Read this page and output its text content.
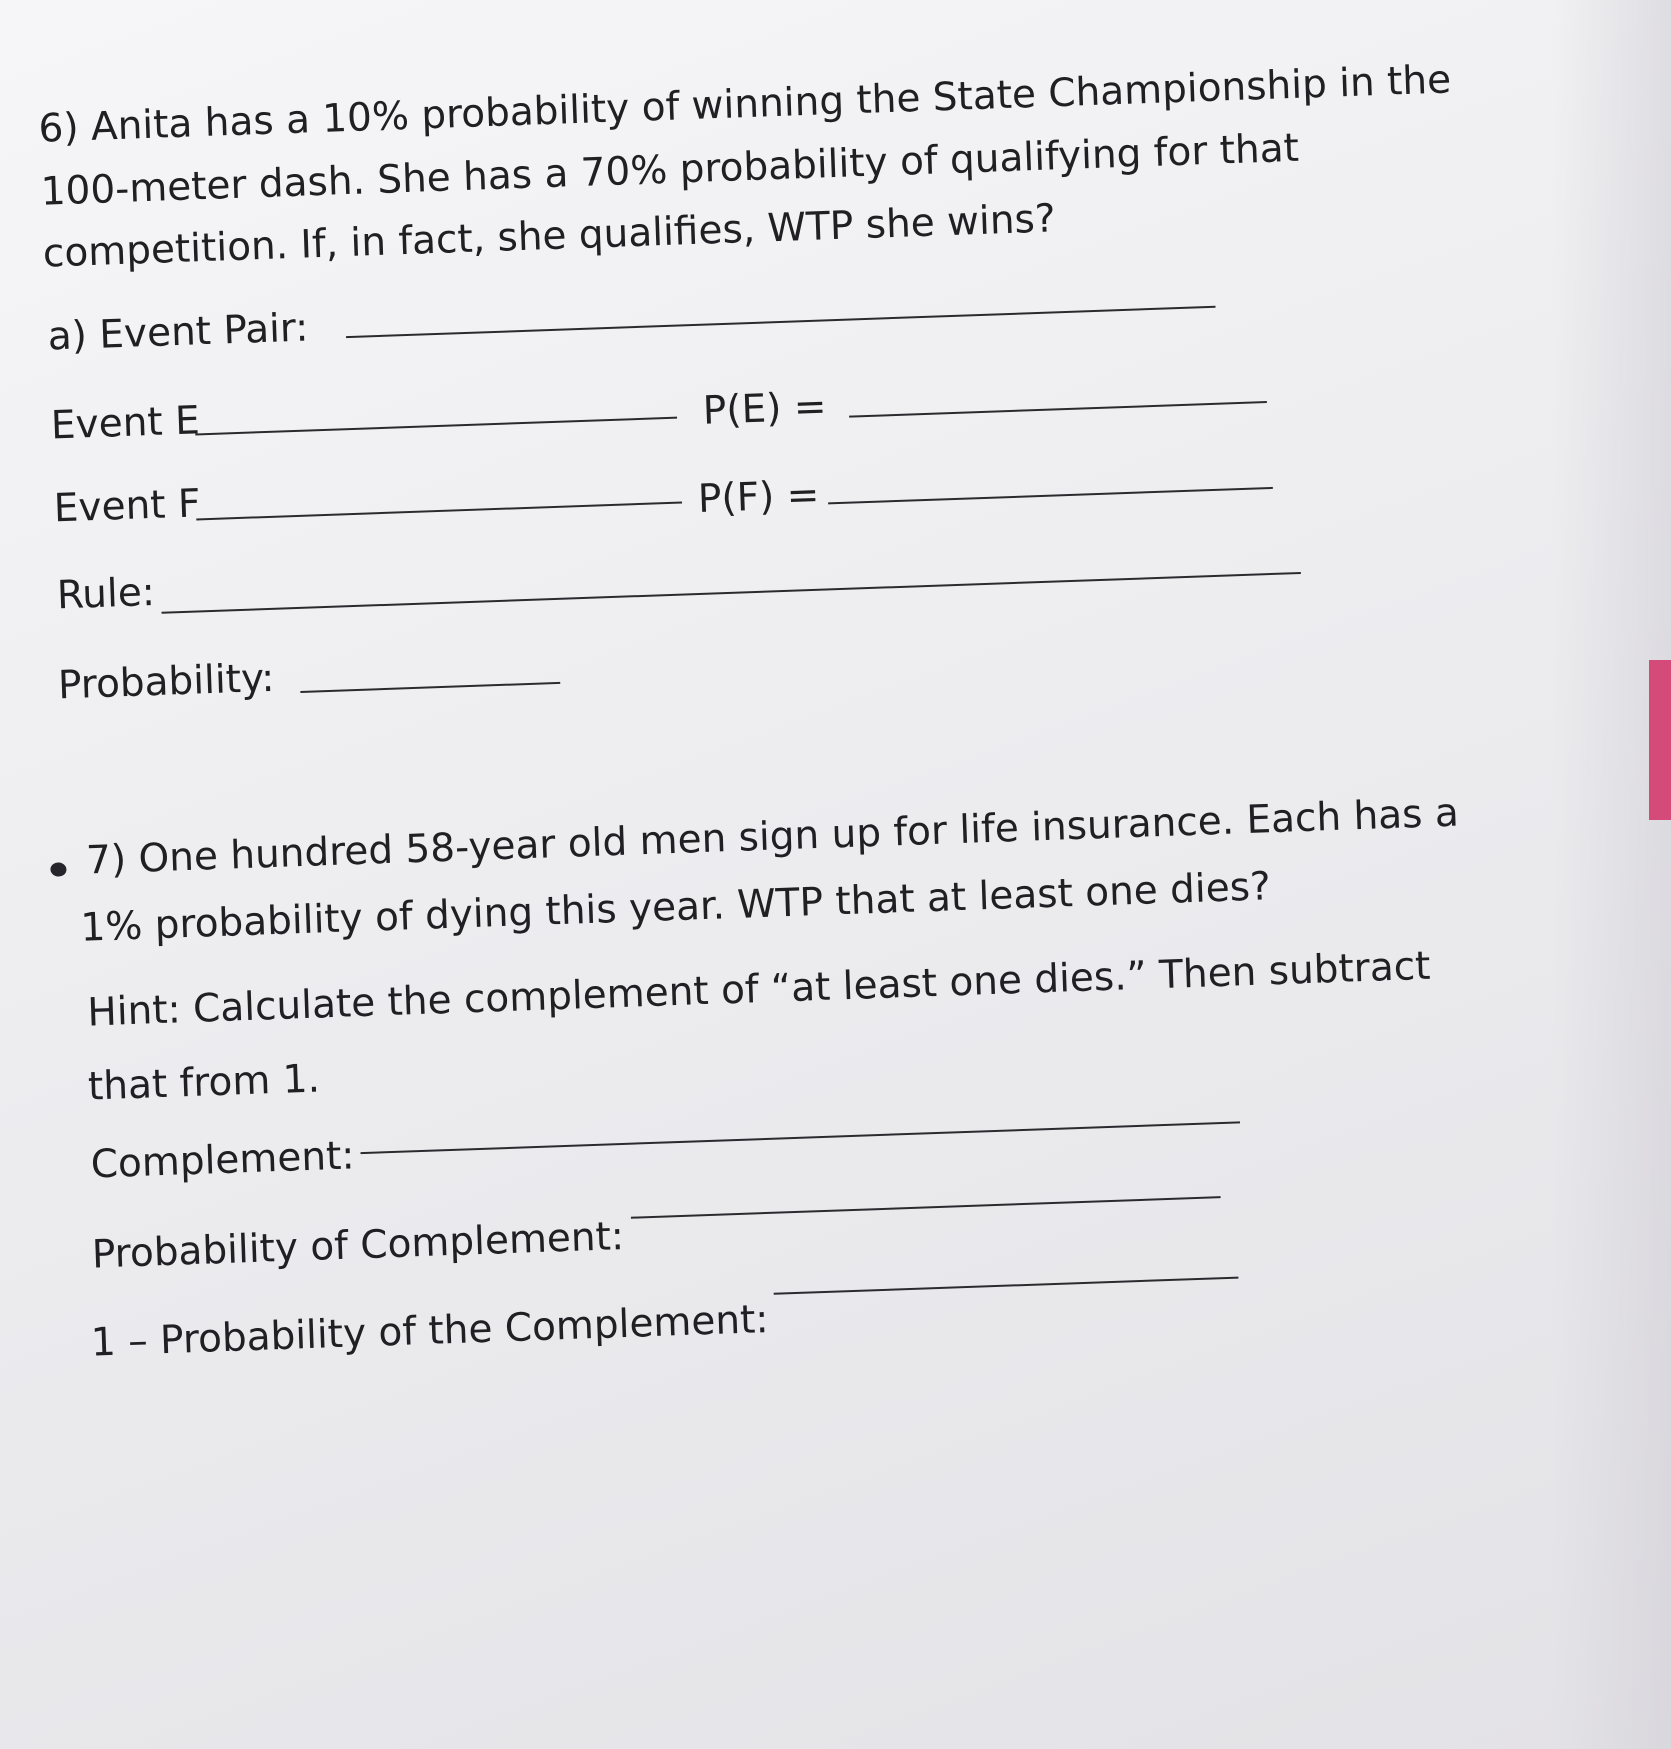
6) Anita has a 10% probability of winning the State Championship in the
100-meter dash. She has a 70% probability of qualifying for that
competition. If, in fact, she qualifies, WTP she wins?
a) Event Pair:
Event E	P(E) =
Event F	P(F) =
Rule:
Probability:
7) One hundred 58-year old men sign up for life insurance. Each has a
1% probability of dying this year. WTP that at least one dies?
Hint: Calculate the complement of “at least one dies.” Then subtract
that from 1.
Complement:
Probability of Complement:
1 – Probability of the Complement:
